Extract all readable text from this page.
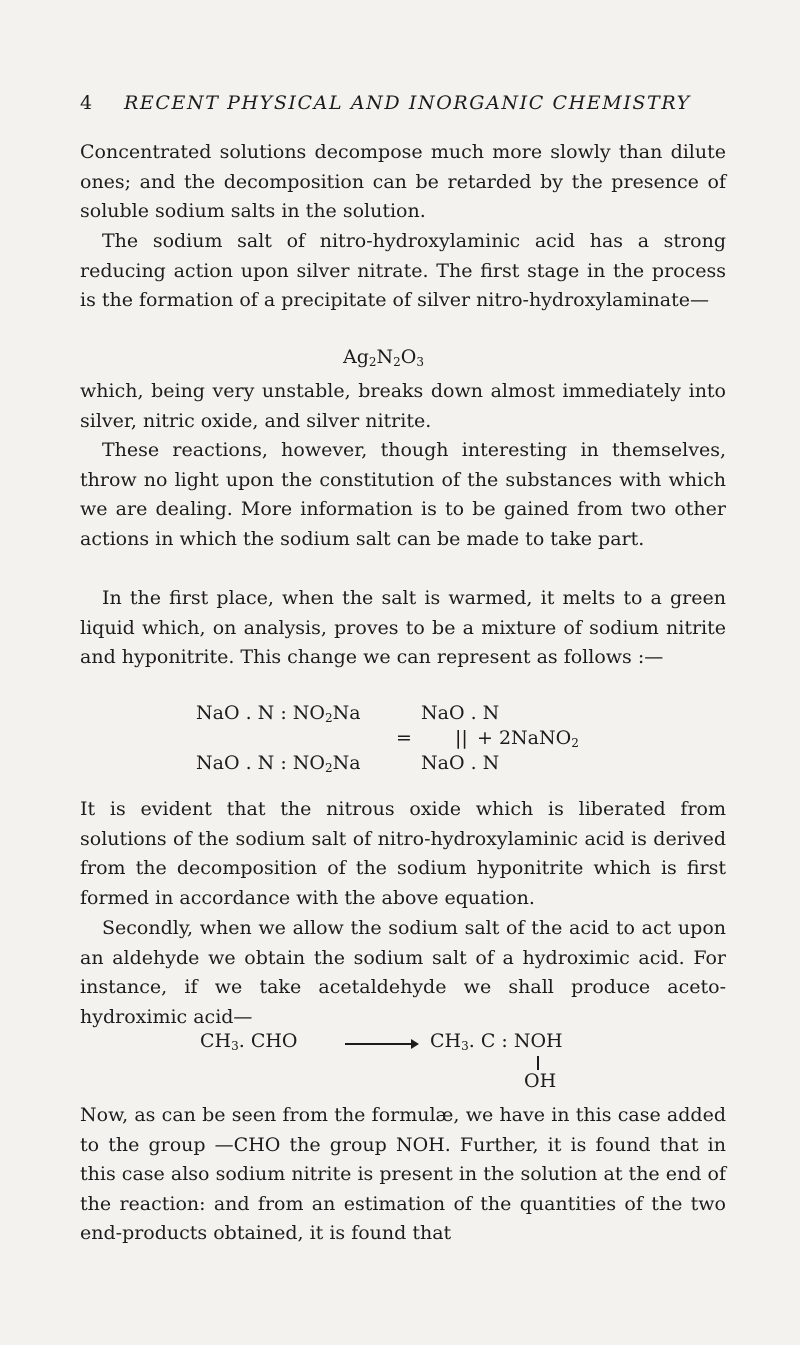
4 RECENT PHYSICAL AND INORGANIC CHEMISTRY

Concentrated solutions decompose much more slowly than dilute ones; and the decomposition can be retarded by the presence of soluble sodium salts in the solution.

The sodium salt of nitro-hydroxylaminic acid has a strong reducing action upon silver nitrate. The first stage in the process is the formation of a precipitate of silver nitro-hydroxylaminate—

$Ag_2N_2O_3$

which, being very unstable, breaks down almost immediately into silver, nitric oxide, and silver nitrite.

These reactions, however, though interesting in themselves, throw no light upon the constitution of the substances with which we are dealing. More information is to be gained from two other actions in which the sodium salt can be made to take part.

In the first place, when the salt is warmed, it melts to a green liquid which, on analysis, proves to be a mixture of sodium nitrite and hyponitrite. This change we can represent as follows :—

NaO . N : $NO_2Na$	NaO . N
= || + 2NaNO$_2$
NaO . N : $NO_2Na$	NaO . N

It is evident that the nitrous oxide which is liberated from solutions of the sodium salt of nitro-hydroxylaminic acid is derived from the decomposition of the sodium hyponitrite which is first formed in accordance with the above equation.

Secondly, when we allow the sodium salt of the acid to act upon an aldehyde we obtain the sodium salt of a hydroximic acid. For instance, if we take acetaldehyde we shall produce aceto-hydroximic acid—

$CH_3$. CHO	$CH_3$. C : NOH
OH

Now, as can be seen from the formulæ, we have in this case added to the group —CHO the group NOH. Further, it is found that in this case also sodium nitrite is present in the solution at the end of the reaction: and from an estimation of the quantities of the two end-products obtained, it is found that
